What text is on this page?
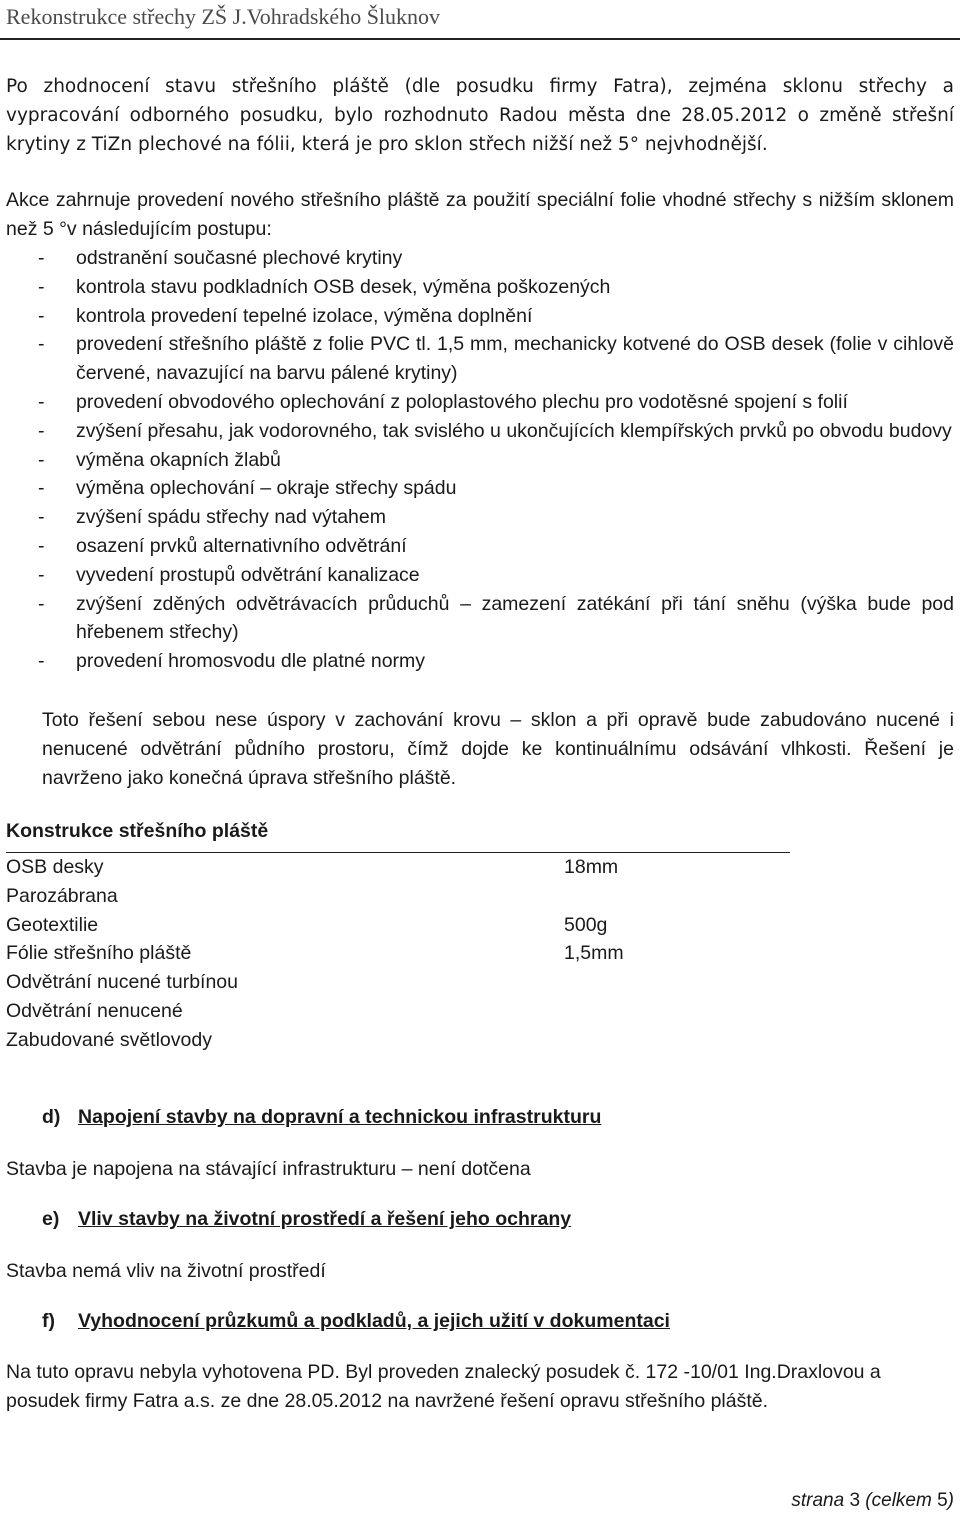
Rekonstrukce střechy ZŠ J.Vohradského Šluknov

Po zhodnocení stavu střešního pláště (dle posudku firmy Fatra), zejména sklonu střechy a vypracování odborného posudku, bylo rozhodnuto Radou města dne 28.05.2012 o změně střešní krytiny z TiZn plechové na fólii, která je pro sklon střech nižší než 5° nejvhodnější.

Akce zahrnuje provedení nového střešního pláště za použití speciální folie vhodné střechy s nižším sklonem než 5 °v následujícím postupu:

- odstranění současné plechové krytiny
- kontrola stavu podkladních OSB desek, výměna poškozených
- kontrola provedení tepelné izolace, výměna doplnění
- provedení střešního pláště z folie PVC tl. 1,5 mm, mechanicky kotvené do OSB desek (folie v cihlově červené, navazující na barvu pálené krytiny)
- provedení obvodového oplechování z poloplastového plechu pro vodotěsné spojení s folií
- zvýšení přesahu, jak vodorovného, tak svislého u ukončujících klempířských prvků po obvodu budovy
- výměna okapních žlabů
- výměna oplechování – okraje střechy spádu
- zvýšení spádu střechy nad výtahem
- osazení prvků alternativního odvětrání
- vyvedení prostupů odvětrání kanalizace
- zvýšení zděných odvětrávacích průduchů – zamezení zatékání při tání sněhu (výška bude pod hřebenem střechy)
- provedení hromosvodu dle platné normy

Toto řešení sebou nese úspory v zachování krovu – sklon a při opravě bude zabudováno nucené i nenucené odvětrání půdního prostoru, čímž dojde ke kontinuálnímu odsávání vlhkosti. Řešení je navrženo jako konečná úprava střešního pláště.

Konstrukce střešního pláště
OSB desky	18mm
Parozábrana
Geotextilie	500g
Fólie střešního pláště	1,5mm
Odvětrání nucené turbínou
Odvětrání nenucené
Zabudované světlovody
d) Napojení stavby na dopravní a technickou infrastrukturu

Stavba je napojena na stávající infrastrukturu – není dotčena

e) Vliv stavby na životní prostředí a řešení jeho ochrany

Stavba nemá vliv na životní prostředí

f) Vyhodnocení průzkumů a podkladů, a jejich užití v dokumentaci

Na tuto opravu nebyla vyhotovena PD. Byl proveden znalecký posudek č. 172 -10/01 Ing.Draxlovou a posudek firmy Fatra a.s. ze dne 28.05.2012 na navržené řešení opravu střešního pláště.

strana 3 (celkem 5)
